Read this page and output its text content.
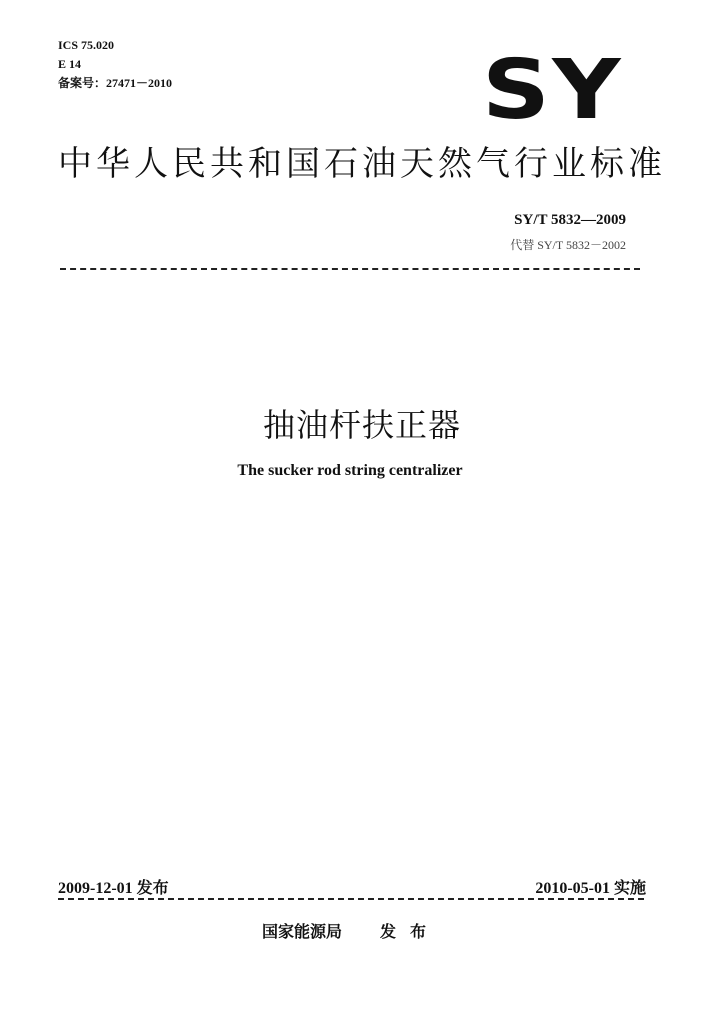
ICS 75.020
E 14
备案号：27471－2010	SY
中华人民共和国石油天然气行业标准
SY/T 5832—2009
代替 SY/T 5832－2002
抽油杆扶正器
The sucker rod string centralizer
2009-12-01 发布	2010-05-01 实施
国家能源局 发布
